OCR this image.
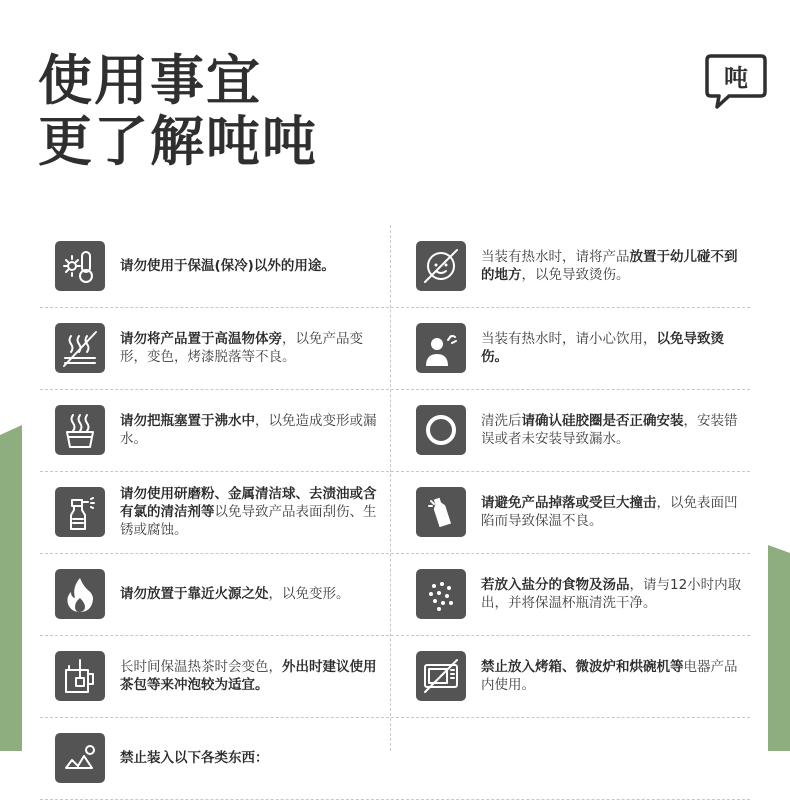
使用事宜
更了解吨吨
吨
请勿使用于保温(保冷)以外的用途。
当装有热水时，请将产品放置于幼儿碰不到的地方，以免导致烫伤。
请勿将产品置于高温物体旁，以免产品变形，变色，烤漆脱落等不良。
当装有热水时，请小心饮用，以免导致烫伤。
请勿把瓶塞置于沸水中，以免造成变形或漏水。
清洗后请确认硅胶圈是否正确安装，安装错误或者未安装导致漏水。
请勿使用研磨粉、金属清洁球、去渍油或含有氯的清洁剂等以免导致产品表面刮伤、生锈或腐蚀。
请避免产品掉落或受巨大撞击，以免表面凹陷而导致保温不良。
请勿放置于靠近火源之处，以免变形。
若放入盐分的食物及汤品，请与12小时内取出，并将保温杯瓶清洗干净。
长时间保温热茶时会变色，外出时建议使用茶包等来冲泡较为适宜。
禁止放入烤箱、微波炉和烘碗机等电器产品内使用。
禁止装入以下各类东西：
